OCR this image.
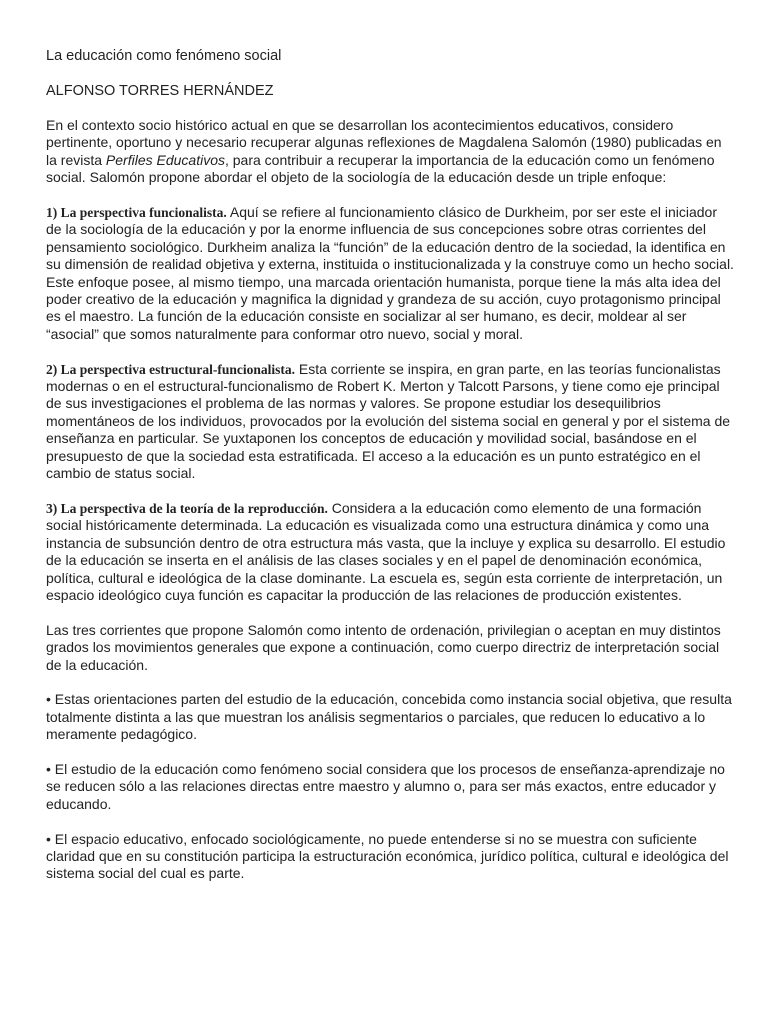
La educación como fenómeno social
ALFONSO TORRES HERNÁNDEZ

En el contexto socio histórico actual en que se desarrollan los acontecimientos educativos, considero pertinente, oportuno y necesario recuperar algunas reflexiones de Magdalena Salomón (1980) publicadas en la revista Perfiles Educativos, para contribuir a recuperar la importancia de la educación como un fenómeno social. Salomón propone abordar el objeto de la sociología de la educación desde un triple enfoque:

1) La perspectiva funcionalista. Aquí se refiere al funcionamiento clásico de Durkheim, por ser este el iniciador de la sociología de la educación y por la enorme influencia de sus concepciones sobre otras corrientes del pensamiento sociológico. Durkheim analiza la “función” de la educación dentro de la sociedad, la identifica en su dimensión de realidad objetiva y externa, instituida o institucionalizada y la construye como un hecho social. Este enfoque posee, al mismo tiempo, una marcada orientación humanista, porque tiene la más alta idea del poder creativo de la educación y magnifica la dignidad y grandeza de su acción, cuyo protagonismo principal es el maestro. La función de la educación consiste en socializar al ser humano, es decir, moldear al ser “asocial” que somos naturalmente para conformar otro nuevo, social y moral.

2) La perspectiva estructural-funcionalista. Esta corriente se inspira, en gran parte, en las teorías funcionalistas modernas o en el estructural-funcionalismo de Robert K. Merton y Talcott Parsons, y tiene como eje principal de sus investigaciones el problema de las normas y valores. Se propone estudiar los desequilibrios momentáneos de los individuos, provocados por la evolución del sistema social en general y por el sistema de enseñanza en particular. Se yuxtaponen los conceptos de educación y movilidad social, basándose en el presupuesto de que la sociedad esta estratificada. El acceso a la educación es un punto estratégico en el cambio de status social.

3) La perspectiva de la teoría de la reproducción. Considera a la educación como elemento de una formación social históricamente determinada. La educación es visualizada como una estructura dinámica y como una instancia de subsunción dentro de otra estructura más vasta, que la incluye y explica su desarrollo. El estudio de la educación se inserta en el análisis de las clases sociales y en el papel de denominación económica, política, cultural e ideológica de la clase dominante. La escuela es, según esta corriente de interpretación, un espacio ideológico cuya función es capacitar la producción de las relaciones de producción existentes.

Las tres corrientes que propone Salomón como intento de ordenación, privilegian o aceptan en muy distintos grados los movimientos generales que expone a continuación, como cuerpo directriz de interpretación social de la educación.

• Estas orientaciones parten del estudio de la educación, concebida como instancia social objetiva, que resulta totalmente distinta a las que muestran los análisis segmentarios o parciales, que reducen lo educativo a lo meramente pedagógico.

• El estudio de la educación como fenómeno social considera que los procesos de enseñanza-aprendizaje no se reducen sólo a las relaciones directas entre maestro y alumno o, para ser más exactos, entre educador y educando.

• El espacio educativo, enfocado sociológicamente, no puede entenderse si no se muestra con suficiente claridad que en su constitución participa la estructuración económica, jurídico política, cultural e ideológica del sistema social del cual es parte.
